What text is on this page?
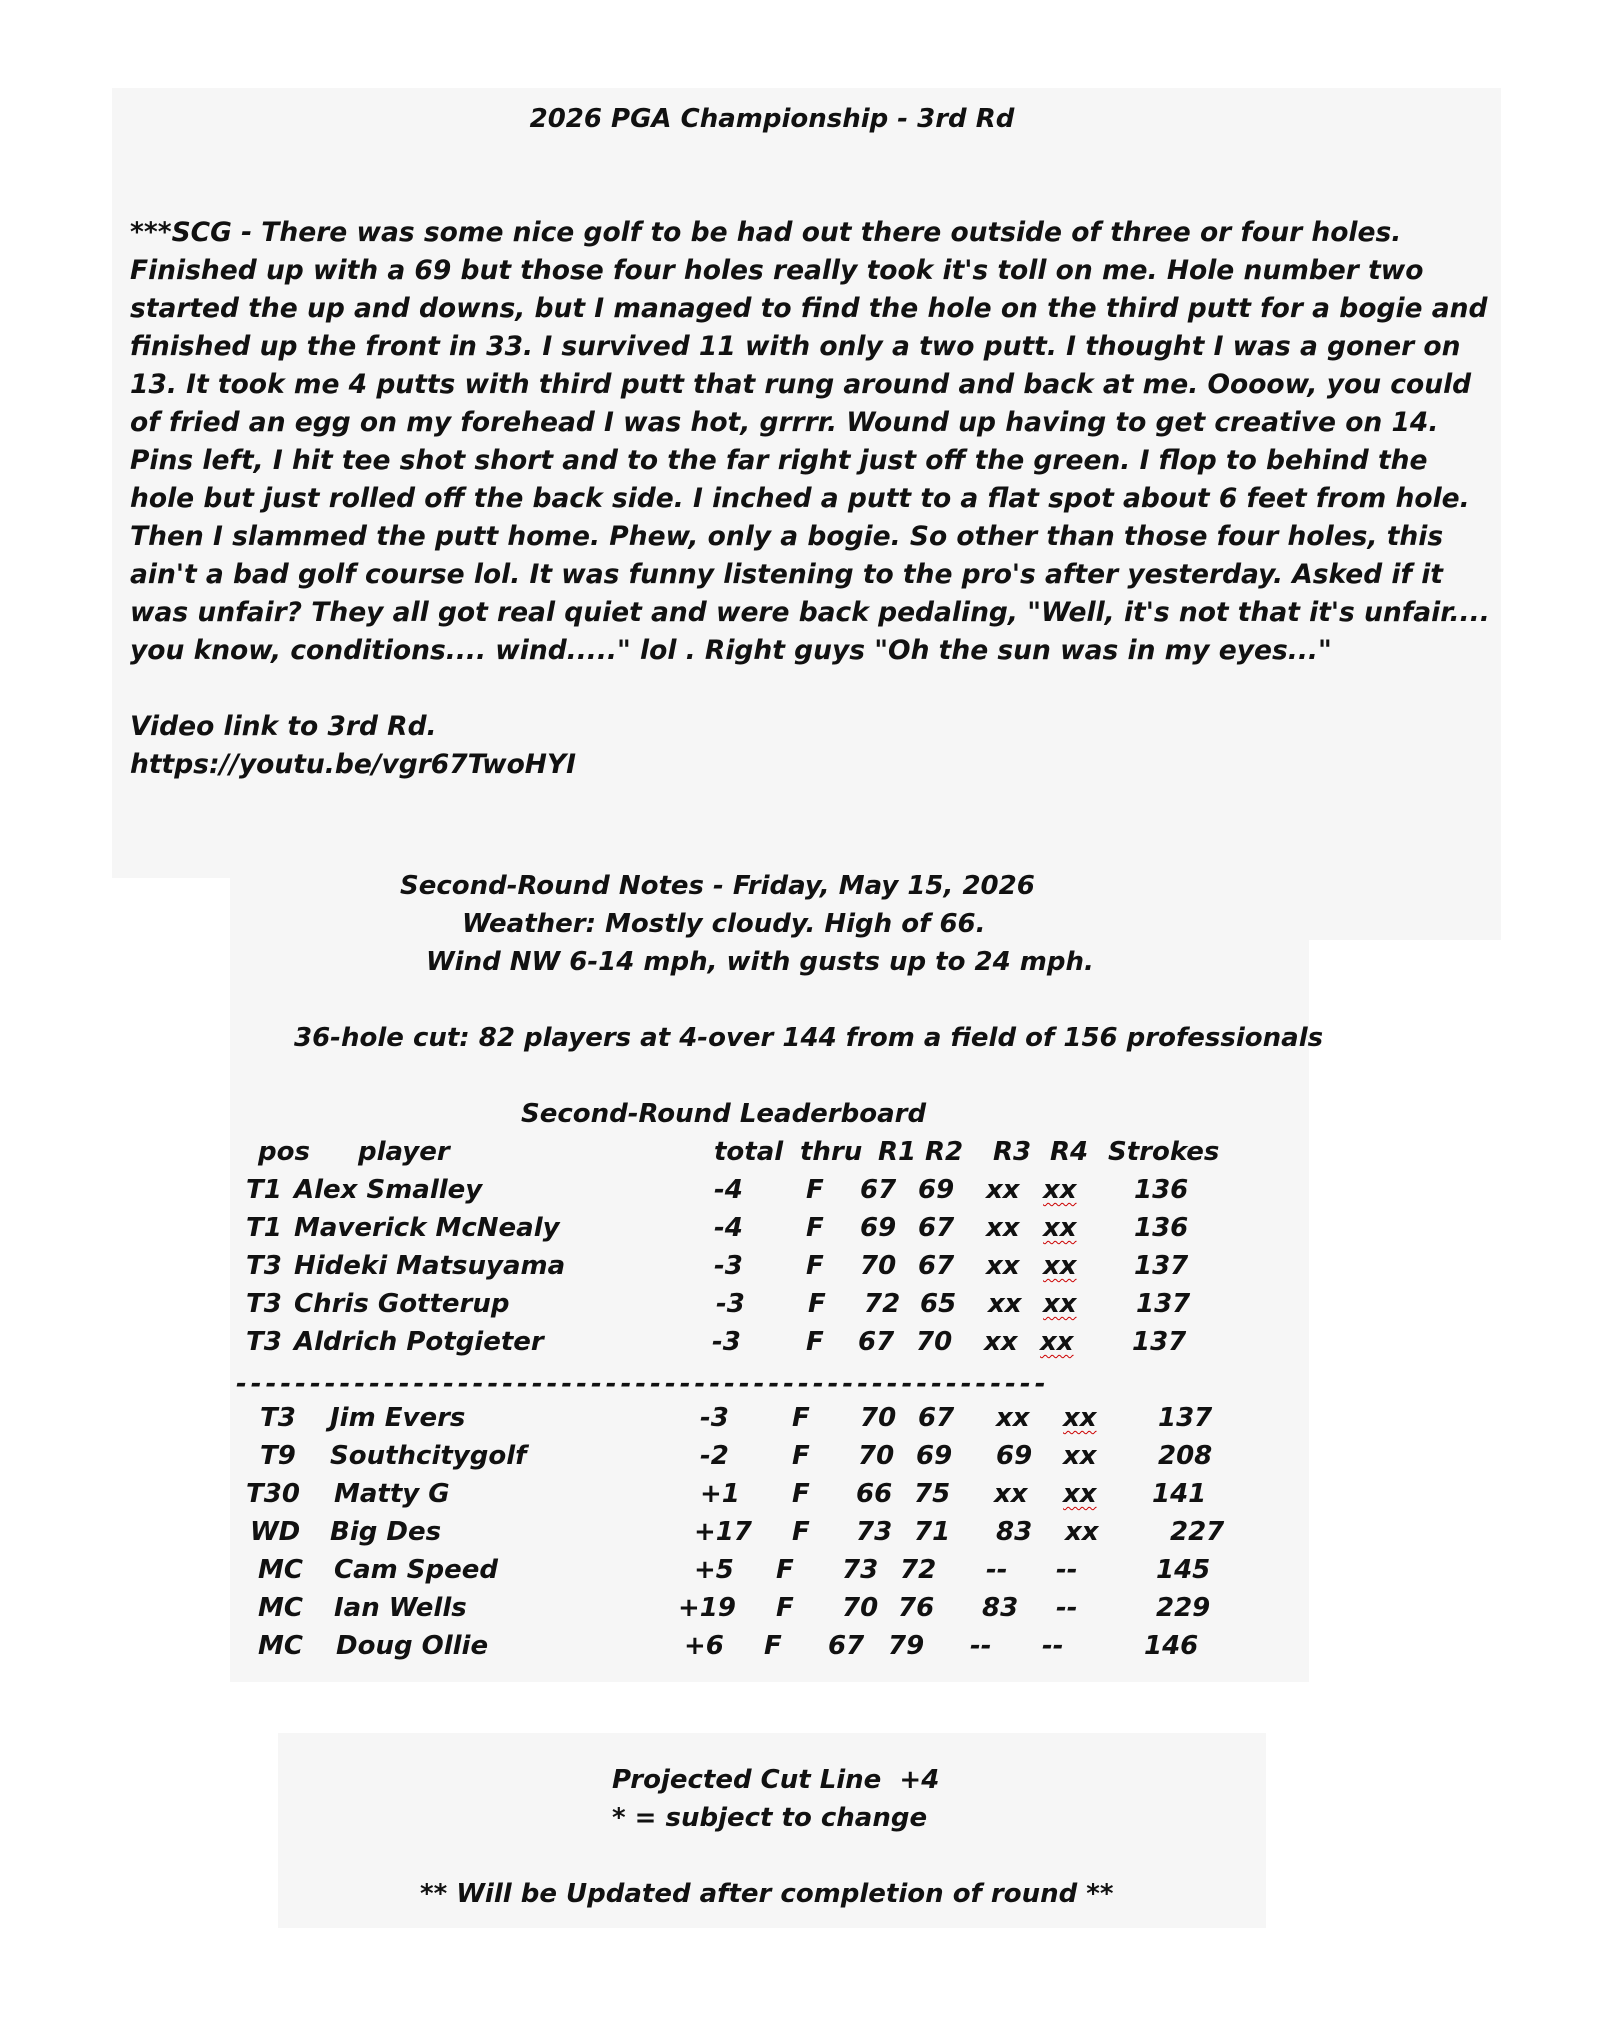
2026 PGA Championship - 3rd Rd

***SCG - There was some nice golf to be had out there outside of three or four holes. Finished up with a 69 but those four holes really took it's toll on me. Hole number two started the up and downs, but I managed to find the hole on the third putt for a bogie and finished up the front in 33. I survived 11 with only a two putt. I thought I was a goner on 13. It took me 4 putts with third putt that rung around and back at me. Oooow, you could of fried an egg on my forehead I was hot, grrrr. Wound up having to get creative on 14. Pins left, I hit tee shot short and to the far right just off the green. I flop to behind the hole but just rolled off the back side. I inched a putt to a flat spot about 6 feet from hole. Then I slammed the putt home. Phew, only a bogie. So other than those four holes, this ain't a bad golf course lol. It was funny listening to the pro's after yesterday. Asked if it was unfair? They all got real quiet and were back pedaling, "Well, it's not that it's unfair.... you know, conditions.... wind....." lol . Right guys "Oh the sun was in my eyes..."

Video link to 3rd Rd.

https://youtu.be/vgr67TwoHYI

Second-Round Notes - Friday, May 15, 2026
Weather: Mostly cloudy. High of 66.
Wind NW 6-14 mph, with gusts up to 24 mph.
36-hole cut: 82 players at 4-over 144 from a field of 156 professionals
Second-Round Leaderboard
pos player	total thru R1 R2 R3 R4 Strokes
T1 Alex Smalley	-4 F 67 69 xx xx 136
T1 Maverick McNealy	-4 F 69 67 xx xx 136
T3 Hideki Matsuyama	-3 F 70 67 xx xx 137
T3 Chris Gotterup	-3 F 72 65 xx xx 137
T3 Aldrich Potgieter	-3	F 67 70 xx xx 137
-------------------------------------------------------
T3 Jim Evers	-3 F 70 67 xx xx 137
T9 Southcitygolf	-2 F 70 69 69 xx 208
T30 Matty G	+1 F 66 75 xx xx 141
WD Big Des	+17 F 73 71 83 xx	227
MC Cam Speed	+5 F 73 72 -- --	145
MC Ian Wells	+19 F 70 76 83 --	229
MC Doug Ollie	+6 F 67 79 -- --	146
Projected Cut Line  +4
* = subject to change
** Will be Updated after completion of round **
